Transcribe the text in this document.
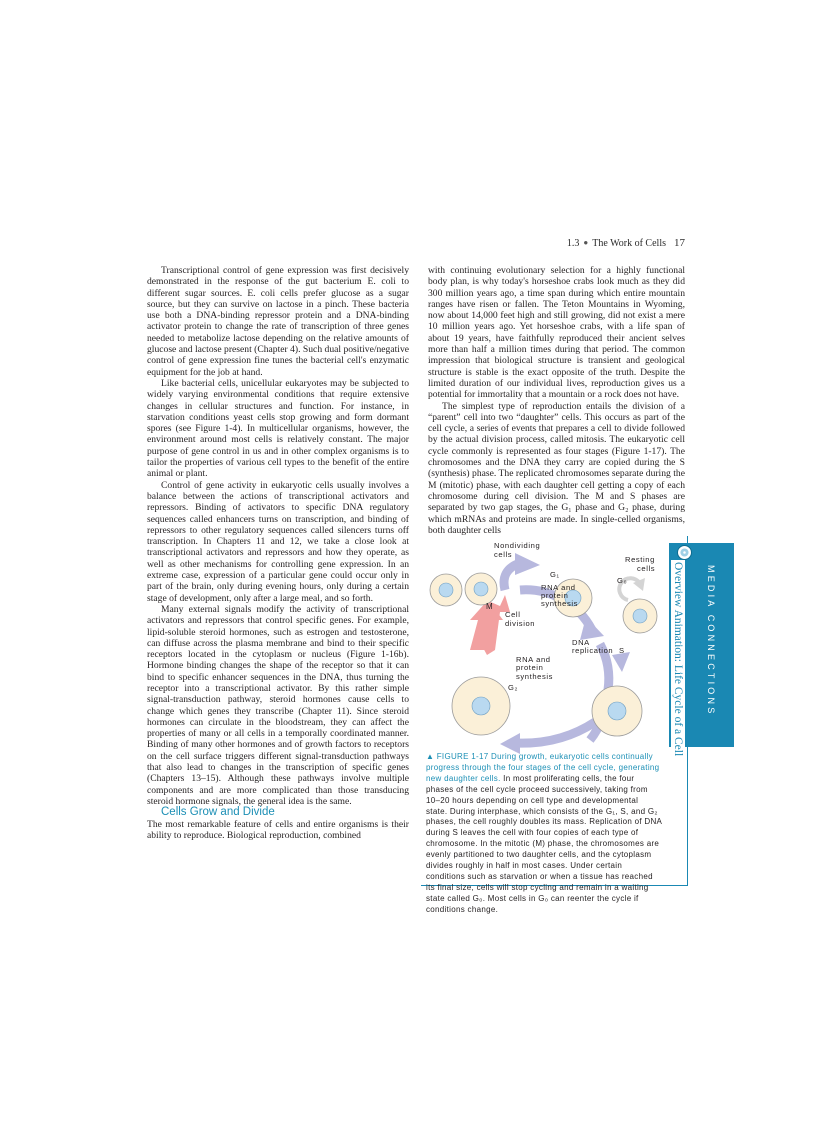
1.3 ● The Work of Cells 17

Transcriptional control of gene expression was first decisively demonstrated in the response of the gut bacterium E. coli to different sugar sources. E. coli cells prefer glucose as a sugar source, but they can survive on lactose in a pinch. These bacteria use both a DNA-binding repressor protein and a DNA-binding activator protein to change the rate of transcription of three genes needed to metabolize lactose depending on the relative amounts of glucose and lactose present (Chapter 4). Such dual positive/negative control of gene expression fine tunes the bacterial cell's enzymatic equipment for the job at hand.

Like bacterial cells, unicellular eukaryotes may be subjected to widely varying environmental conditions that require extensive changes in cellular structures and function. For instance, in starvation conditions yeast cells stop growing and form dormant spores (see Figure 1-4). In multicellular organisms, however, the environment around most cells is relatively constant. The major purpose of gene control in us and in other complex organisms is to tailor the properties of various cell types to the benefit of the entire animal or plant.

Control of gene activity in eukaryotic cells usually involves a balance between the actions of transcriptional activators and repressors. Binding of activators to specific DNA regulatory sequences called enhancers turns on transcription, and binding of repressors to other regulatory sequences called silencers turns off transcription. In Chapters 11 and 12, we take a close look at transcriptional activators and repressors and how they operate, as well as other mechanisms for controlling gene expression. In an extreme case, expression of a particular gene could occur only in part of the brain, only during evening hours, only during a certain stage of development, only after a large meal, and so forth.

Many external signals modify the activity of transcriptional activators and repressors that control specific genes. For example, lipid-soluble steroid hormones, such as estrogen and testosterone, can diffuse across the plasma membrane and bind to their specific receptors located in the cytoplasm or nucleus (Figure 1-16b). Hormone binding changes the shape of the receptor so that it can bind to specific enhancer sequences in the DNA, thus turning the receptor into a transcriptional activator. By this rather simple signal-transduction pathway, steroid hormones cause cells to change which genes they transcribe (Chapter 11). Since steroid hormones can circulate in the bloodstream, they can affect the properties of many or all cells in a temporally coordinated manner. Binding of many other hormones and of growth factors to receptors on the cell surface triggers different signal-transduction pathways that also lead to changes in the transcription of specific genes (Chapters 13–15). Although these pathways involve multiple components and are more complicated than those transducing steroid hormone signals, the general idea is the same.

Cells Grow and Divide

The most remarkable feature of cells and entire organisms is their ability to reproduce. Biological reproduction, combined

with continuing evolutionary selection for a highly functional body plan, is why today's horseshoe crabs look much as they did 300 million years ago, a time span during which entire mountain ranges have risen or fallen. The Teton Mountains in Wyoming, now about 14,000 feet high and still growing, did not exist a mere 10 million years ago. Yet horseshoe crabs, with a life span of about 19 years, have faithfully reproduced their ancient selves more than half a million times during that period. The common impression that biological structure is transient and geological structure is stable is the exact opposite of the truth. Despite the limited duration of our individual lives, reproduction gives us a potential for immortality that a mountain or a rock does not have.

The simplest type of reproduction entails the division of a “parent” cell into two “daughter” cells. This occurs as part of the cell cycle, a series of events that prepares a cell to divide followed by the actual division process, called mitosis. The eukaryotic cell cycle commonly is represented as four stages (Figure 1-17). The chromosomes and the DNA they carry are copied during the S (synthesis) phase. The replicated chromosomes separate during the M (mitotic) phase, with each daughter cell getting a copy of each chromosome during cell division. The M and S phases are separated by two gap stages, the G₁ phase and G₂ phase, during which mRNAs and proteins are made. In single-celled organisms, both daughter cells

Nondividing
cells
Resting
cells
G₀
G₁
RNA and
protein
synthesis
M
Cell
division
DNA
replication S
RNA and
protein
synthesis
G₂
▲ FIGURE 1-17 During growth, eukaryotic cells continually progress through the four stages of the cell cycle, generating new daughter cells. In most proliferating cells, the four phases of the cell cycle proceed successively, taking from 10–20 hours depending on cell type and developmental state. During interphase, which consists of the G₁, S, and G₂ phases, the cell roughly doubles its mass. Replication of DNA during S leaves the cell with four copies of each type of chromosome. In the mitotic (M) phase, the chromosomes are evenly partitioned to two daughter cells, and the cytoplasm divides roughly in half in most cases. Under certain conditions such as starvation or when a tissue has reached its final size, cells will stop cycling and remain in a waiting state called G₀. Most cells in G₀ can reenter the cycle if conditions change.
MEDIA CONNECTIONS
Overview Animation: Life Cycle of a Cell
